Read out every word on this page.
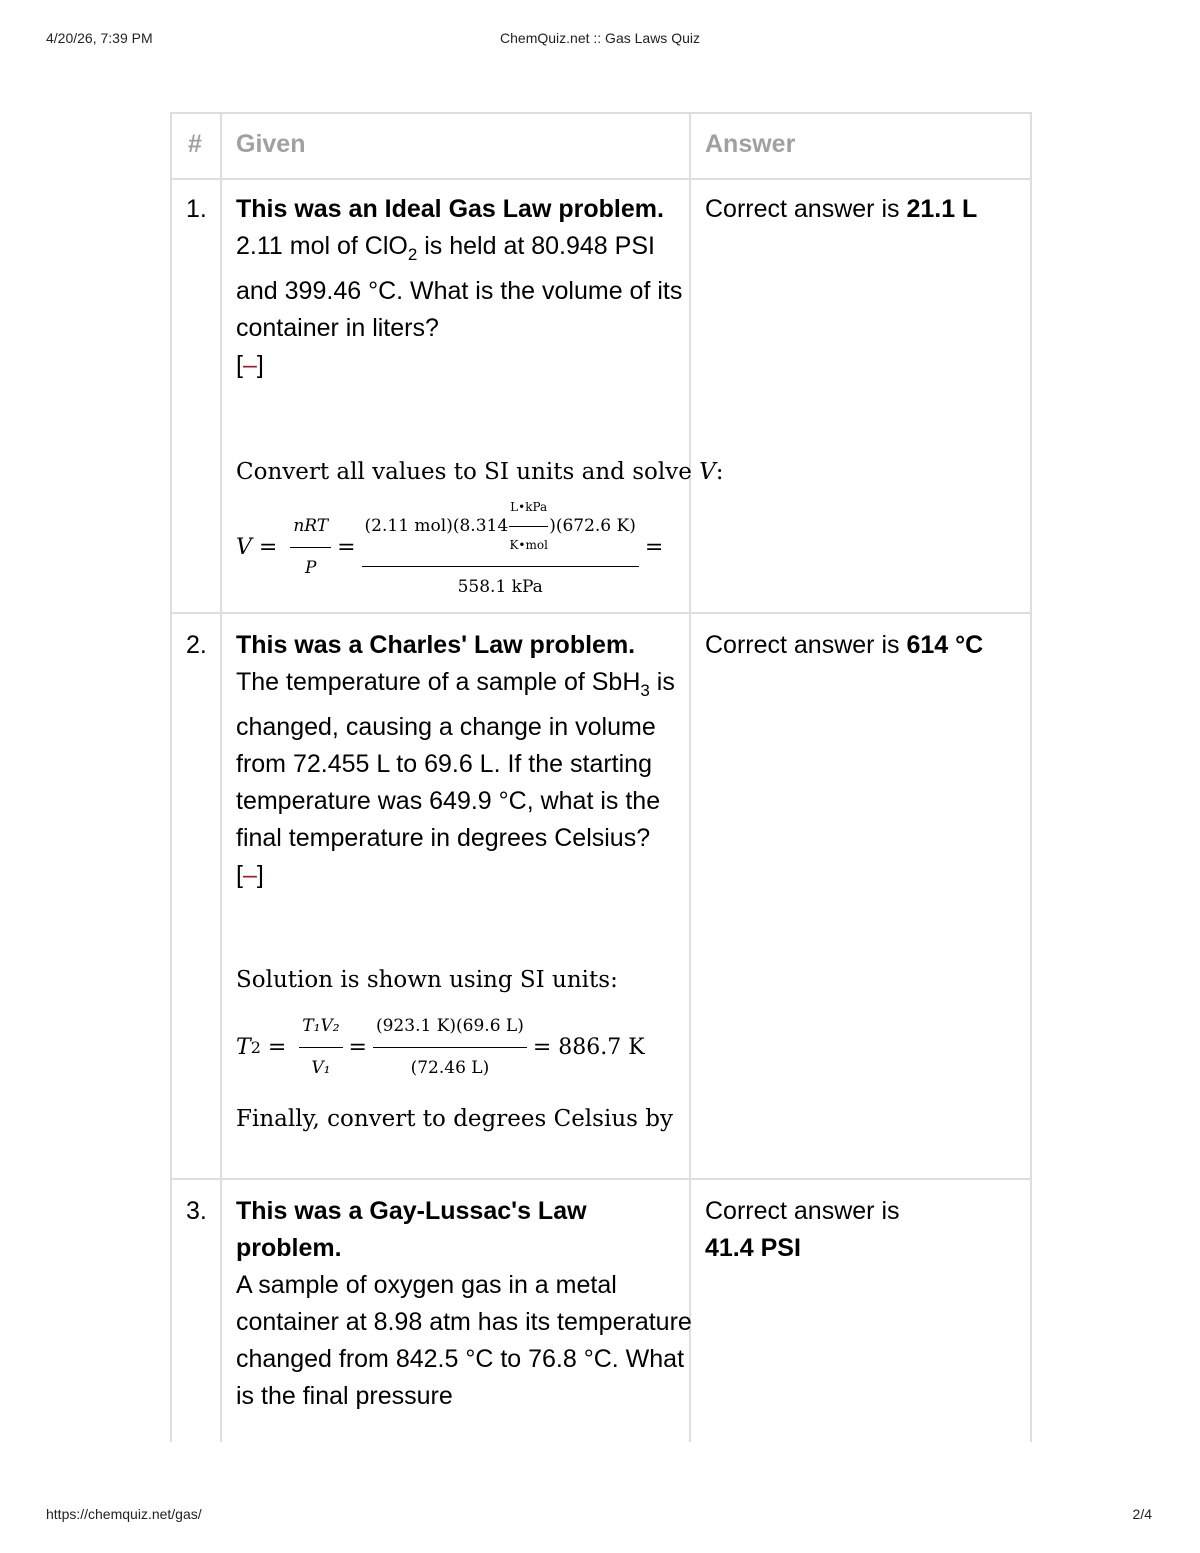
4/20/26, 7:39 PM	ChemQuiz.net :: Gas Laws Quiz
# Given	Answer
1. This was an Ideal Gas Law problem.
2.11 mol of ClO$_2$ is held at 80.948 PSI and 399.46 °C. What is the volume of its container in liters?
[–]
Convert all values to SI units and solve V:
$V = \frac{\text{nRT}}{P} = (2.11$ mol)(8.314
L•kPa
K•mol
)(672.6 K)
558.1 kPa =
Correct answer is 21.1 L
2. This was a Charles' Law problem.
The temperature of a sample of SbH$_3$ is changed, causing a change in volume from 72.455 L to 69.6 L. If the starting temperature was 649.9 °C, what is the final temperature in degrees Celsius?
[–]
Solution is shown using SI units:
T $2 = \frac{\text{T₁V₂}}{\text{V₁}} = \frac{(923.1 K)(69.6 L)}{(72.46 L)} = 886.7$ K
Finally, convert to degrees Celsius by
Correct answer is 614 °C
3. This was a Gay-Lussac's Law problem.
A sample of oxygen gas in a metal container at 8.98 atm has its temperature changed from 842.5 °C to 76.8 °C. What is the final pressure
Correct answer is 41.4 PSI
https://chemquiz.net/gas/	2/4
